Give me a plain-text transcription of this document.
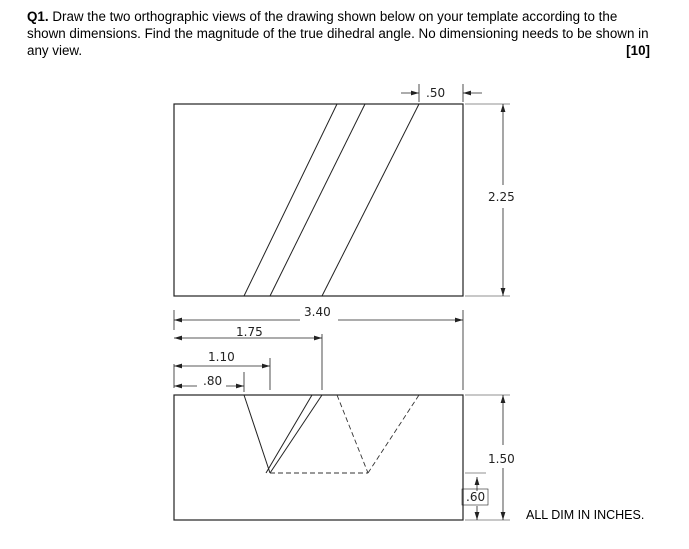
Q1. Draw the two orthographic views of the drawing shown below on your template according to the shown dimensions. Find the magnitude of the true dihedral angle. No dimensioning needs to be shown in any view.	[10]
.50
2.25
3.40
1.75
1.10
.80
1.50
.60
ALL DIM IN INCHES.
